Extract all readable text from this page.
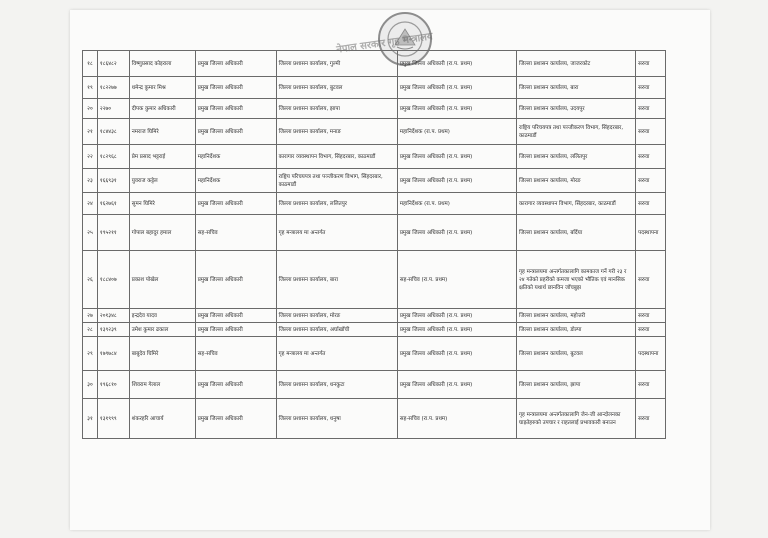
नेपाल सरकार गृह मन्त्रालय
१८	१८६४८२	विष्णुप्रसाद कोइराला	प्रमुख जिल्ला अधिकारी	जिल्ला प्रशासन कार्यालय, गुल्मी	प्रमुख जिल्ला अधिकारी (रा.प. प्रथम)	जिल्ला प्रशासन कार्यालय, जाजरकोट	सरुवा
१९	१८२२७७	धमेन्द्र कुमार मिश्र	प्रमुख जिल्ला अधिकारी	जिल्ला प्रशासन कार्यालय, बुटवल	प्रमुख जिल्ला अधिकारी (रा.प. प्रथम)	जिल्ला प्रशासन कार्यालय, बारा	सरुवा
२०	२२७०	दीपक कुमार अधिकारी	प्रमुख जिल्ला अधिकारी	जिल्ला प्रशासन कार्यालय, झापा	प्रमुख जिल्ला अधिकारी (रा.प. प्रथम)	जिल्ला प्रशासन कार्यालय, उदयपुर	सरुवा
२१	१८४४३८	नमराज घिमिरे	प्रमुख जिल्ला अधिकारी	जिल्ला प्रशासन कार्यालय, मनाङ	महानिर्देशक (रा.प. प्रथम)	राष्ट्रिय परिचयपत्र तथा पञ्जीकरण विभाग, सिंहदरबार, काठमाडौं	सरुवा
२२	१८२९६८	प्रेम प्रसाद भट्टराई	महानिर्देशक	कारागार व्यवस्थापन विभाग, सिंहदरबार, काठमाडौं	प्रमुख जिल्ला अधिकारी (रा.प. प्रथम)	जिल्ला प्रशासन कार्यालय, ललितपुर	सरुवा
२३	१६६९३१	युवराज कट्टेल	महानिर्देशक	राष्ट्रिय परिचयपत्र तथा पञ्जीकरण विभाग, सिंहदरबार, काठमाडौं	प्रमुख जिल्ला अधिकारी (रा.प. प्रथम)	जिल्ला प्रशासन कार्यालय, मोरङ	सरुवा
२४	१६२७६१	सुमन घिमिरे	प्रमुख जिल्ला अधिकारी	जिल्ला प्रशासन कार्यालय, ललितपुर	महानिर्देशक (रा.प. प्रथम)	कारागार व्यवस्थापन विभाग, सिंहदरबार, काठमाडौं	सरुवा
२५	१९५२११	गोपाल बहादुर हमाल	सह-सचिव	गृह मन्त्रालय मा अन्तर्गत	प्रमुख जिल्ला अधिकारी (रा.प. प्रथम)	जिल्ला प्रशासन कार्यालय, बर्दिया	पदस्थापना
२६	१८८४०७	प्रकाश पोखेल	प्रमुख जिल्ला अधिकारी	जिल्ला प्रशासन कार्यालय, बारा	सह-सचिव (रा.प. प्रथम)	गृह मन्त्रालयमा अन्तर्गतकालागि कामकाज गर्ने गरी २३ र २४ गतेको प्रहरीको कमजा भएको भौतिक एवं मानसिक क्षतिको यथार्थ छानविन जाँचबुझ	सरुवा
२७	२०१३४८	इन्द्रदेव यादव	प्रमुख जिल्ला अधिकारी	जिल्ला प्रशासन कार्यालय, मोरङ	प्रमुख जिल्ला अधिकारी (रा.प. प्रथम)	जिल्ला प्रशासन कार्यालय, महोत्तरी	सरुवा
२८	१३९२३९	उमेश कुमार ढकाल	प्रमुख जिल्ला अधिकारी	जिल्ला प्रशासन कार्यालय, अर्घाखाँची	प्रमुख जिल्ला अधिकारी (रा.प. प्रथम)	जिल्ला प्रशासन कार्यालय, डोल्पा	सरुवा
२९	१७९७८४	बाबुदेव घिमिरे	सह-सचिव	गृह मन्त्रालय मा अन्तर्गत	प्रमुख जिल्ला अधिकारी (रा.प. प्रथम)	जिल्ला प्रशासन कार्यालय, बुटवल	पदस्थापना
३०	१९६८१०	शिवराम गेलाल	प्रमुख जिल्ला अधिकारी	जिल्ला प्रशासन कार्यालय, धनकुटा	प्रमुख जिल्ला अधिकारी (रा.प. प्रथम)	जिल्ला प्रशासन कार्यालय, झापा	सरुवा
३१	१३१९९९	शंकरहरि आचार्य	प्रमुख जिल्ला अधिकारी	जिल्ला प्रशासन कार्यालय, धनुषा	सह-सचिव (रा.प. प्रथम)	गृह मन्त्रालयमा अन्तर्गतकालागि जेन-जी आन्दोलनका घाइतेहरुको उपचार र राहतलाई प्रभावकारी बनाउन	सरुवा
